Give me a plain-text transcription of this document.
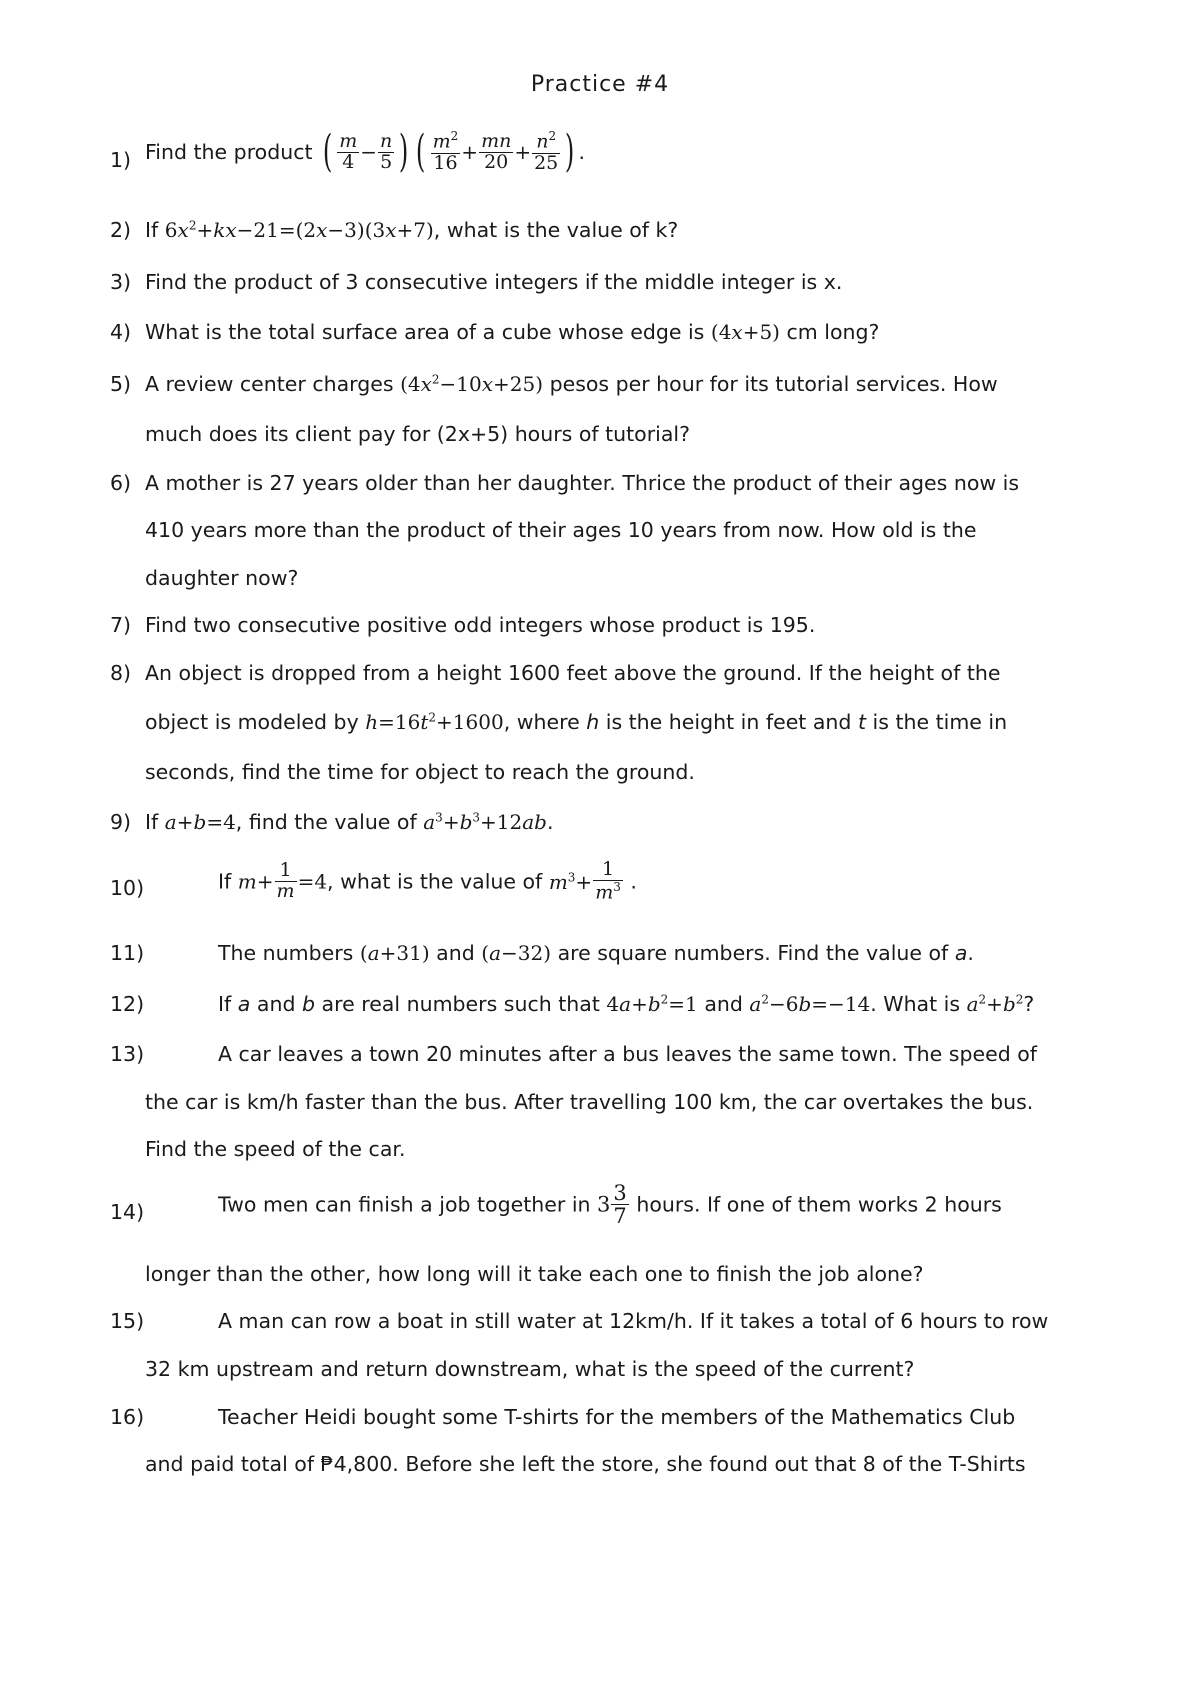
Practice #4
1) Find the product ( $\frac{m}{4} - \frac{n}{5}$ ) ( $\frac{m^2}{16} + \frac{mn}{20} + \frac{n^2}{25}$ ) .
2) If $6x^2+kx-21=(2x-3)(3x+7)$, what is the value of k?
3) Find the product of 3 consecutive integers if the middle integer is x.
4) What is the total surface area of a cube whose edge is (4x+5) cm long?
5) A review center charges $(4x^2-10x+25)$ pesos per hour for its tutorial services. How
much does its client pay for (2x+5) hours of tutorial?
6) A mother is 27 years older than her daughter. Thrice the product of their ages now is
410 years more than the product of their ages 10 years from now. How old is the
daughter now?
7) Find two consecutive positive odd integers whose product is 195.
8) An object is dropped from a height 1600 feet above the ground. If the height of the
object is modeled by $h=16t^2+1600$, where h is the height in feet and t is the time in
seconds, find the time for object to reach the ground.
9) If a+b=4, find the value of $a^3+b^3+12ab$.
10)	If $m+ \frac{1}{m} =4$, what is the value of $m^3+ \frac{1}{m^3}$ .
11)	The numbers (a+31) and (a−32) are square numbers. Find the value of a.
12)	If a and b are real numbers such that $4a+b^2=1$ and $a^2-6b=-14$. What is $a^2+b^2$?
13)	A car leaves a town 20 minutes after a bus leaves the same town. The speed of
the car is km/h faster than the bus. After travelling 100 km, the car overtakes the bus.
Find the speed of the car.
14)	Two men can finish a job together in $3 \frac{3}{7}$ hours. If one of them works 2 hours
longer than the other, how long will it take each one to finish the job alone?
15)	A man can row a boat in still water at 12km/h. If it takes a total of 6 hours to row
32 km upstream and return downstream, what is the speed of the current?
16)	Teacher Heidi bought some T-shirts for the members of the Mathematics Club
and paid total of ₱4,800. Before she left the store, she found out that 8 of the T-Shirts
